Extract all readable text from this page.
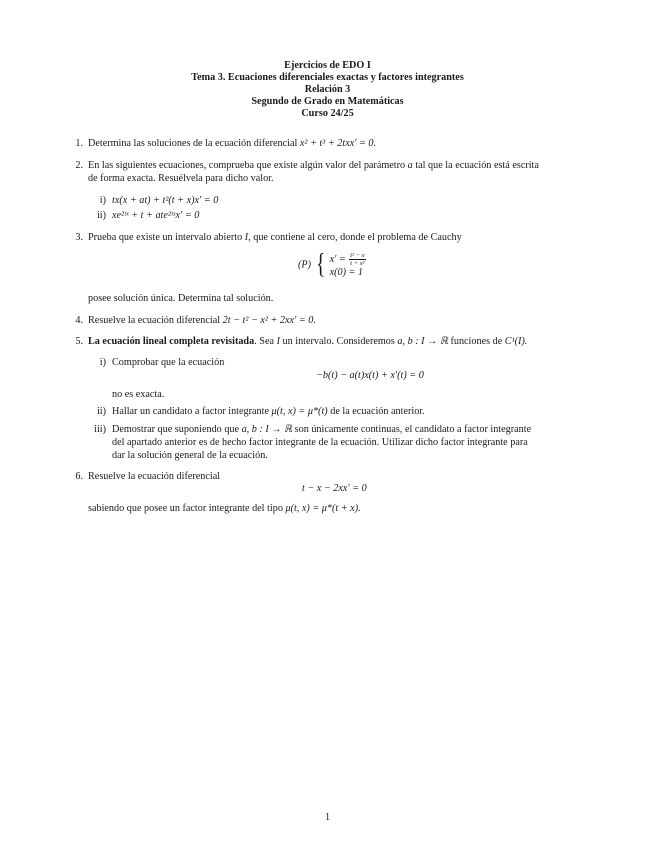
Ejercicios de EDO I
Tema 3. Ecuaciones diferenciales exactas y factores integrantes
Relación 3
Segundo de Grado en Matemáticas
Curso 24/25
1. Determina las soluciones de la ecuación diferencial x² + t³ + 2txx′ = 0.
2. En las siguientes ecuaciones, comprueba que existe algún valor del parámetro a tal que la ecuación está escrita
de forma exacta. Resuélvela para dicho valor.
i) tx(x + at) + t²(t + x)x′ = 0
ii) xe²ᵗˣ + t + ate²ᵗˣx′ = 0
3. Prueba que existe un intervalo abierto I, que contiene al cero, donde el problema de Cauchy
(P) { $x' = \frac{\text{t² − x}}{\text{t + x²}}$
x(0) = 1
posee solución única. Determina tal solución.
4. Resuelve la ecuación diferencial 2t − t² − x² + 2xx′ = 0.
5. La ecuación lineal completa revisitada. Sea I un intervalo. Consideremos a, b : I → ℝ funciones de C¹(I).
i) Comprobar que la ecuación
−b(t) − a(t)x(t) + x′(t) = 0
no es exacta.
ii) Hallar un candidato a factor integrante μ(t, x) = μ*(t) de la ecuación anterior.
iii) Demostrar que suponiendo que a, b : I → ℝ son únicamente continuas, el candidato a factor integrante
del apartado anterior es de hecho factor integrante de la ecuación. Utilizar dicho factor integrante para
dar la solución general de la ecuación.
6. Resuelve la ecuación diferencial
t − x − 2xx′ = 0
sabiendo que posee un factor integrante del tipo μ(t, x) = μ*(t + x).
1
